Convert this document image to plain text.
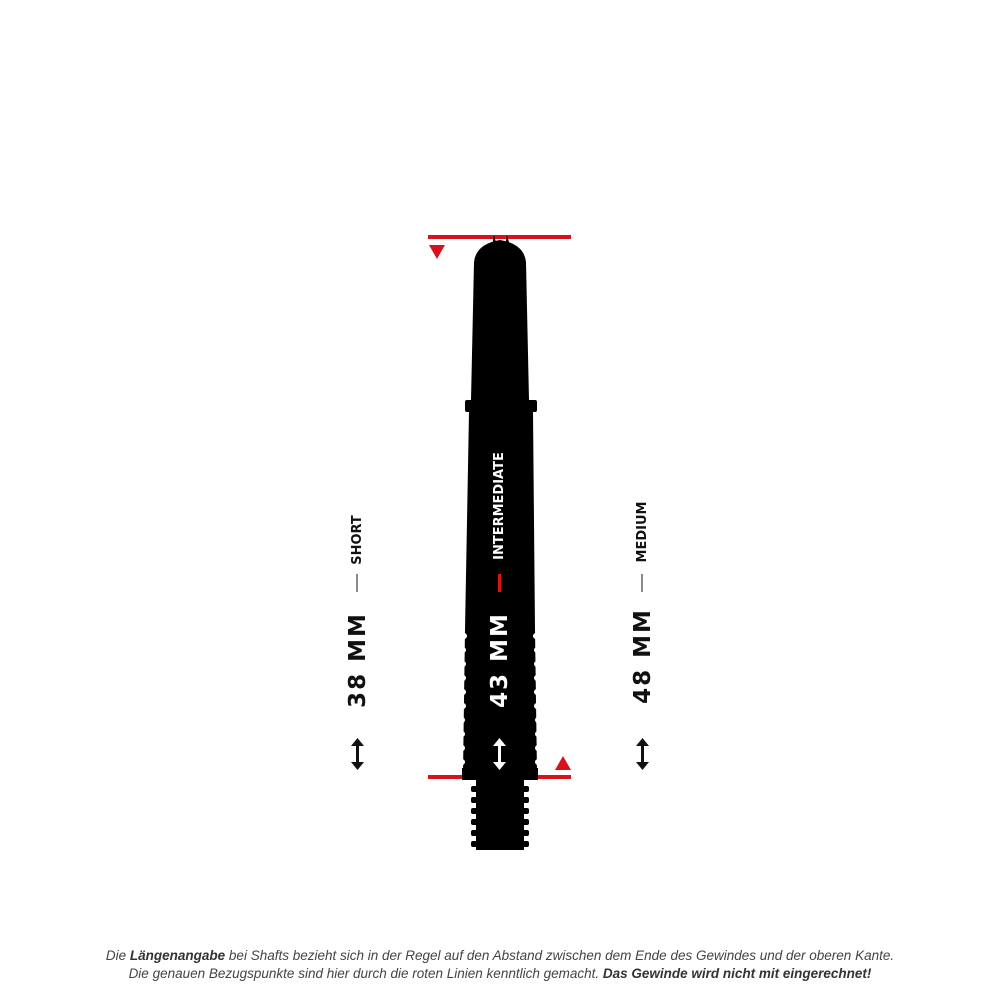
38 MM	43 MM	48 MM
SHORT	INTERMEDIATE	MEDIUM
Die Längenangabe bei Shafts bezieht sich in der Regel auf den Abstand zwischen dem Ende des Gewindes und der oberen Kante.
Die genauen Bezugspunkte sind hier durch die roten Linien kenntlich gemacht. Das Gewinde wird nicht mit eingerechnet!
